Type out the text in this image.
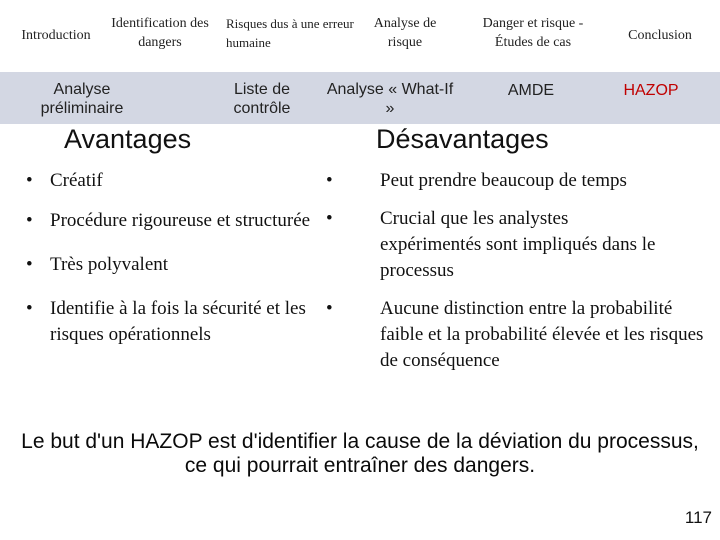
Introduction
Identification des dangers
Risques dus à une erreur humaine
Analyse de risque
Danger et risque - Études de cas	Conclusion
Analyse préliminaire
Liste de contrôle
Analyse « What-If »
AMDE	HAZOP
Avantages	Désavantages
• Créatif
• Procédure rigoureuse et structurée
• Très polyvalent
• Identifie à la fois la sécurité et les risques opérationnels
• Peut prendre beaucoup de temps
• Crucial que les analystes expérimentés sont impliqués dans le processus
• Aucune distinction entre la probabilité faible et la probabilité élevée et les risques de conséquence
Le but d'un HAZOP est d'identifier la cause de la déviation du processus, ce qui pourrait entraîner des dangers.
117
